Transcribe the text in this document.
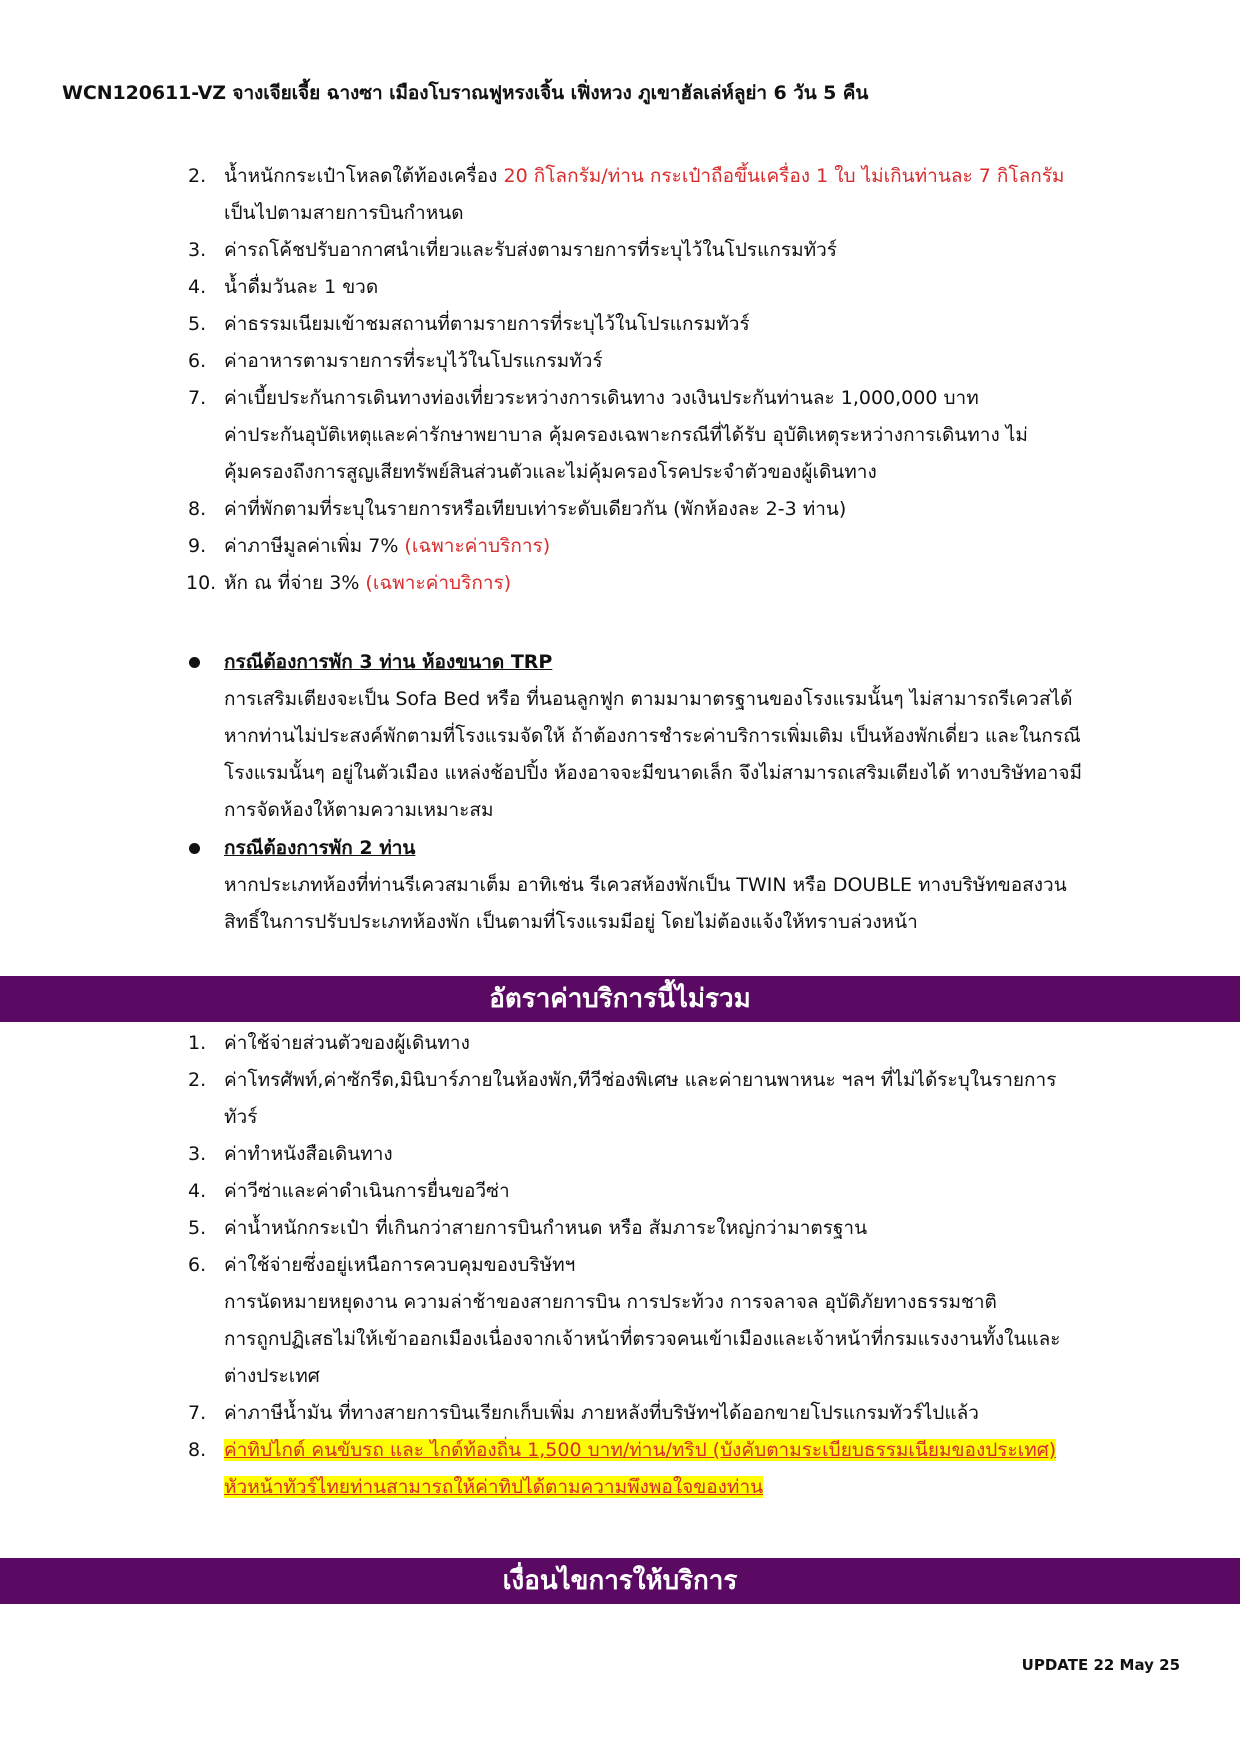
WCN120611-VZ จางเจียเจี้ย ฉางซา เมืองโบราณฟูหรงเจิ้น เฟิ่งหวง ภูเขาฮัลเล่ห์ลูย่า 6 วัน 5 คืน
2. น้ำหนักกระเป๋าโหลดใต้ท้องเครื่อง 20 กิโลกรัม/ท่าน กระเป๋าถือขึ้นเครื่อง 1 ใบ ไม่เกินท่านละ 7 กิโลกรัม
เป็นไปตามสายการบินกำหนด
3. ค่ารถโค้ชปรับอากาศนำเที่ยวและรับส่งตามรายการที่ระบุไว้ในโปรแกรมทัวร์
4. น้ำดื่มวันละ 1 ขวด
5. ค่าธรรมเนียมเข้าชมสถานที่ตามรายการที่ระบุไว้ในโปรแกรมทัวร์
6. ค่าอาหารตามรายการที่ระบุไว้ในโปรแกรมทัวร์
7. ค่าเบี้ยประกันการเดินทางท่องเที่ยวระหว่างการเดินทาง วงเงินประกันท่านละ 1,000,000 บาท
ค่าประกันอุบัติเหตุและค่ารักษาพยาบาล คุ้มครองเฉพาะกรณีที่ได้รับ อุบัติเหตุระหว่างการเดินทาง ไม่
คุ้มครองถึงการสูญเสียทรัพย์สินส่วนตัวและไม่คุ้มครองโรคประจำตัวของผู้เดินทาง
8. ค่าที่พักตามที่ระบุในรายการหรือเทียบเท่าระดับเดียวกัน (พักห้องละ 2-3 ท่าน)
9. ค่าภาษีมูลค่าเพิ่ม 7% (เฉพาะค่าบริการ)
10. หัก ณ ที่จ่าย 3% (เฉพาะค่าบริการ)
กรณีต้องการพัก 3 ท่าน ห้องขนาด TRP
การเสริมเตียงจะเป็น Sofa Bed หรือ ที่นอนลูกฟูก ตามมามาตรฐานของโรงแรมนั้นๆ ไม่สามารถรีเควสได้
หากท่านไม่ประสงค์พักตามที่โรงแรมจัดให้ ถ้าต้องการชำระค่าบริการเพิ่มเติม เป็นห้องพักเดี่ยว และในกรณี
โรงแรมนั้นๆ อยู่ในตัวเมือง แหล่งช้อปปิ้ง ห้องอาจจะมีขนาดเล็ก จึงไม่สามารถเสริมเตียงได้ ทางบริษัทอาจมี
การจัดห้องให้ตามความเหมาะสม
กรณีต้องการพัก 2 ท่าน
หากประเภทห้องที่ท่านรีเควสมาเต็ม อาทิเช่น รีเควสห้องพักเป็น TWIN หรือ DOUBLE ทางบริษัทขอสงวน
สิทธิ์ในการปรับประเภทห้องพัก เป็นตามที่โรงแรมมีอยู่ โดยไม่ต้องแจ้งให้ทราบล่วงหน้า
อัตราค่าบริการนี้ไม่รวม
1. ค่าใช้จ่ายส่วนตัวของผู้เดินทาง
2. ค่าโทรศัพท์,ค่าซักรีด,มินิบาร์ภายในห้องพัก,ทีวีช่องพิเศษ และค่ายานพาหนะ ฯลฯ ที่ไม่ได้ระบุในรายการ
ทัวร์
3. ค่าทำหนังสือเดินทาง
4. ค่าวีซ่าและค่าดำเนินการยื่นขอวีซ่า
5. ค่าน้ำหนักกระเป๋า ที่เกินกว่าสายการบินกำหนด หรือ สัมภาระใหญ่กว่ามาตรฐาน
6. ค่าใช้จ่ายซึ่งอยู่เหนือการควบคุมของบริษัทฯ
การนัดหมายหยุดงาน ความล่าช้าของสายการบิน การประท้วง การจลาจล อุบัติภัยทางธรรมชาติ
การถูกปฏิเสธไม่ให้เข้าออกเมืองเนื่องจากเจ้าหน้าที่ตรวจคนเข้าเมืองและเจ้าหน้าที่กรมแรงงานทั้งในและ
ต่างประเทศ
7. ค่าภาษีน้ำมัน ที่ทางสายการบินเรียกเก็บเพิ่ม ภายหลังที่บริษัทฯได้ออกขายโปรแกรมทัวร์ไปแล้ว
8. ค่าทิปไกด์ คนขับรถ และ ไกด์ท้องถิ่น 1,500 บาท/ท่าน/ทริป (บังคับตามระเบียบธรรมเนียมของประเทศ)
หัวหน้าทัวร์ไทยท่านสามารถให้ค่าทิปได้ตามความพึงพอใจของท่าน
เงื่อนไขการให้บริการ
UPDATE 22 May 25
